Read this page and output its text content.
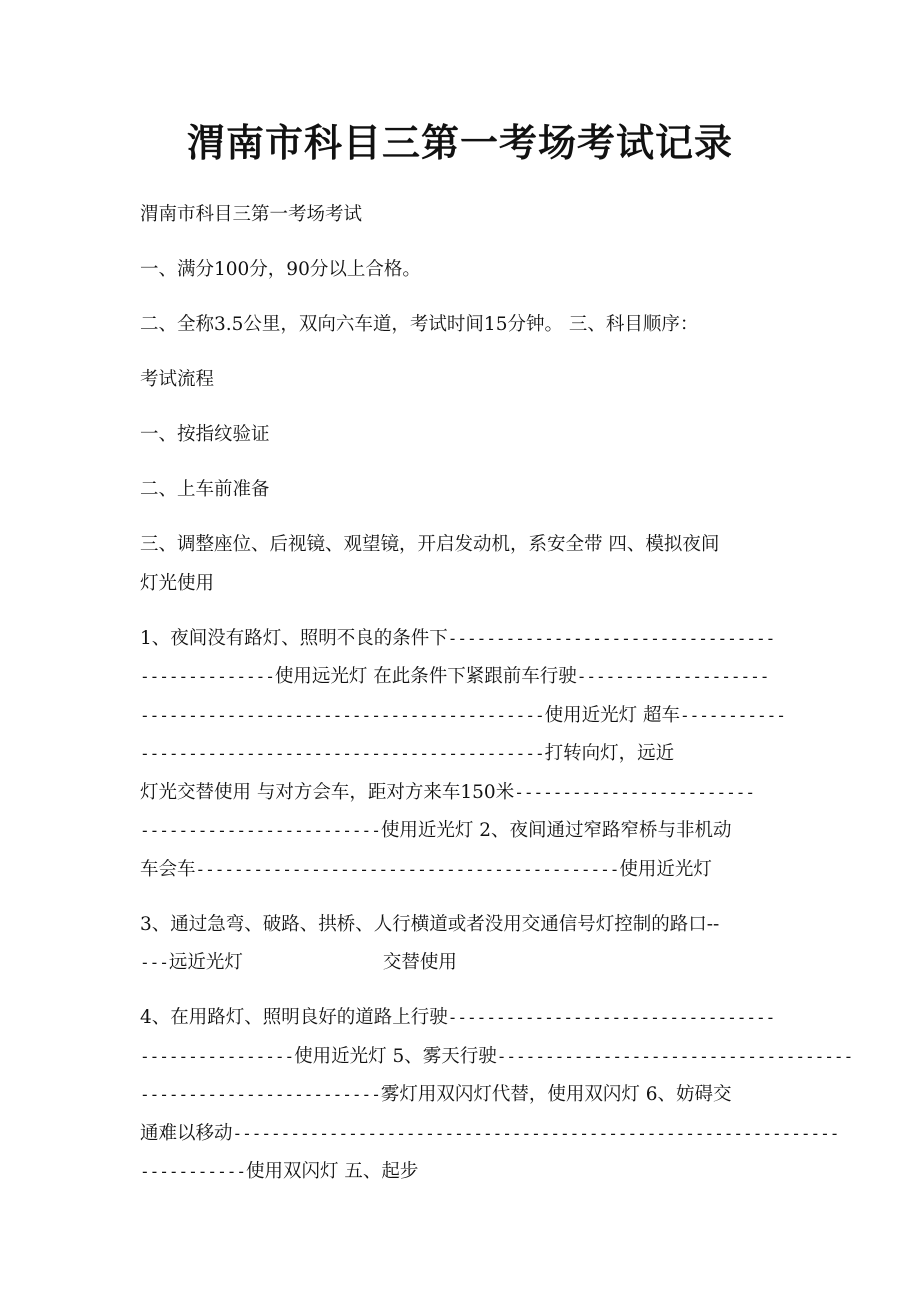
渭南市科目三第一考场考试记录
渭南市科目三第一考场考试
一、满分100分，90分以上合格。
二、全称3.5公里，双向六车道，考试时间15分钟。 三、科目顺序：
考试流程
一、按指纹验证
二、上车前准备
三、调整座位、后视镜、观望镜，开启发动机，系安全带 四、模拟夜间
灯光使用
1、夜间没有路灯、照明不良的条件下----------------------------------
--------------使用远光灯 在此条件下紧跟前车行驶--------------------
------------------------------------------使用近光灯 超车-----------
------------------------------------------打转向灯，远近
灯光交替使用 与对方会车，距对方来车150米-------------------------
-------------------------使用近光灯 2、夜间通过窄路窄桥与非机动
车会车--------------------------------------------使用近光灯
3、通过急弯、破路、拱桥、人行横道或者没用交通信号灯控制的路口--
---远近光灯	交替使用
4、在用路灯、照明良好的道路上行驶----------------------------------
----------------使用近光灯 5、雾天行驶-------------------------------------
-------------------------雾灯用双闪灯代替，使用双闪灯 6、妨碍交
通难以移动---------------------------------------------------------------
-----------使用双闪灯 五、起步
